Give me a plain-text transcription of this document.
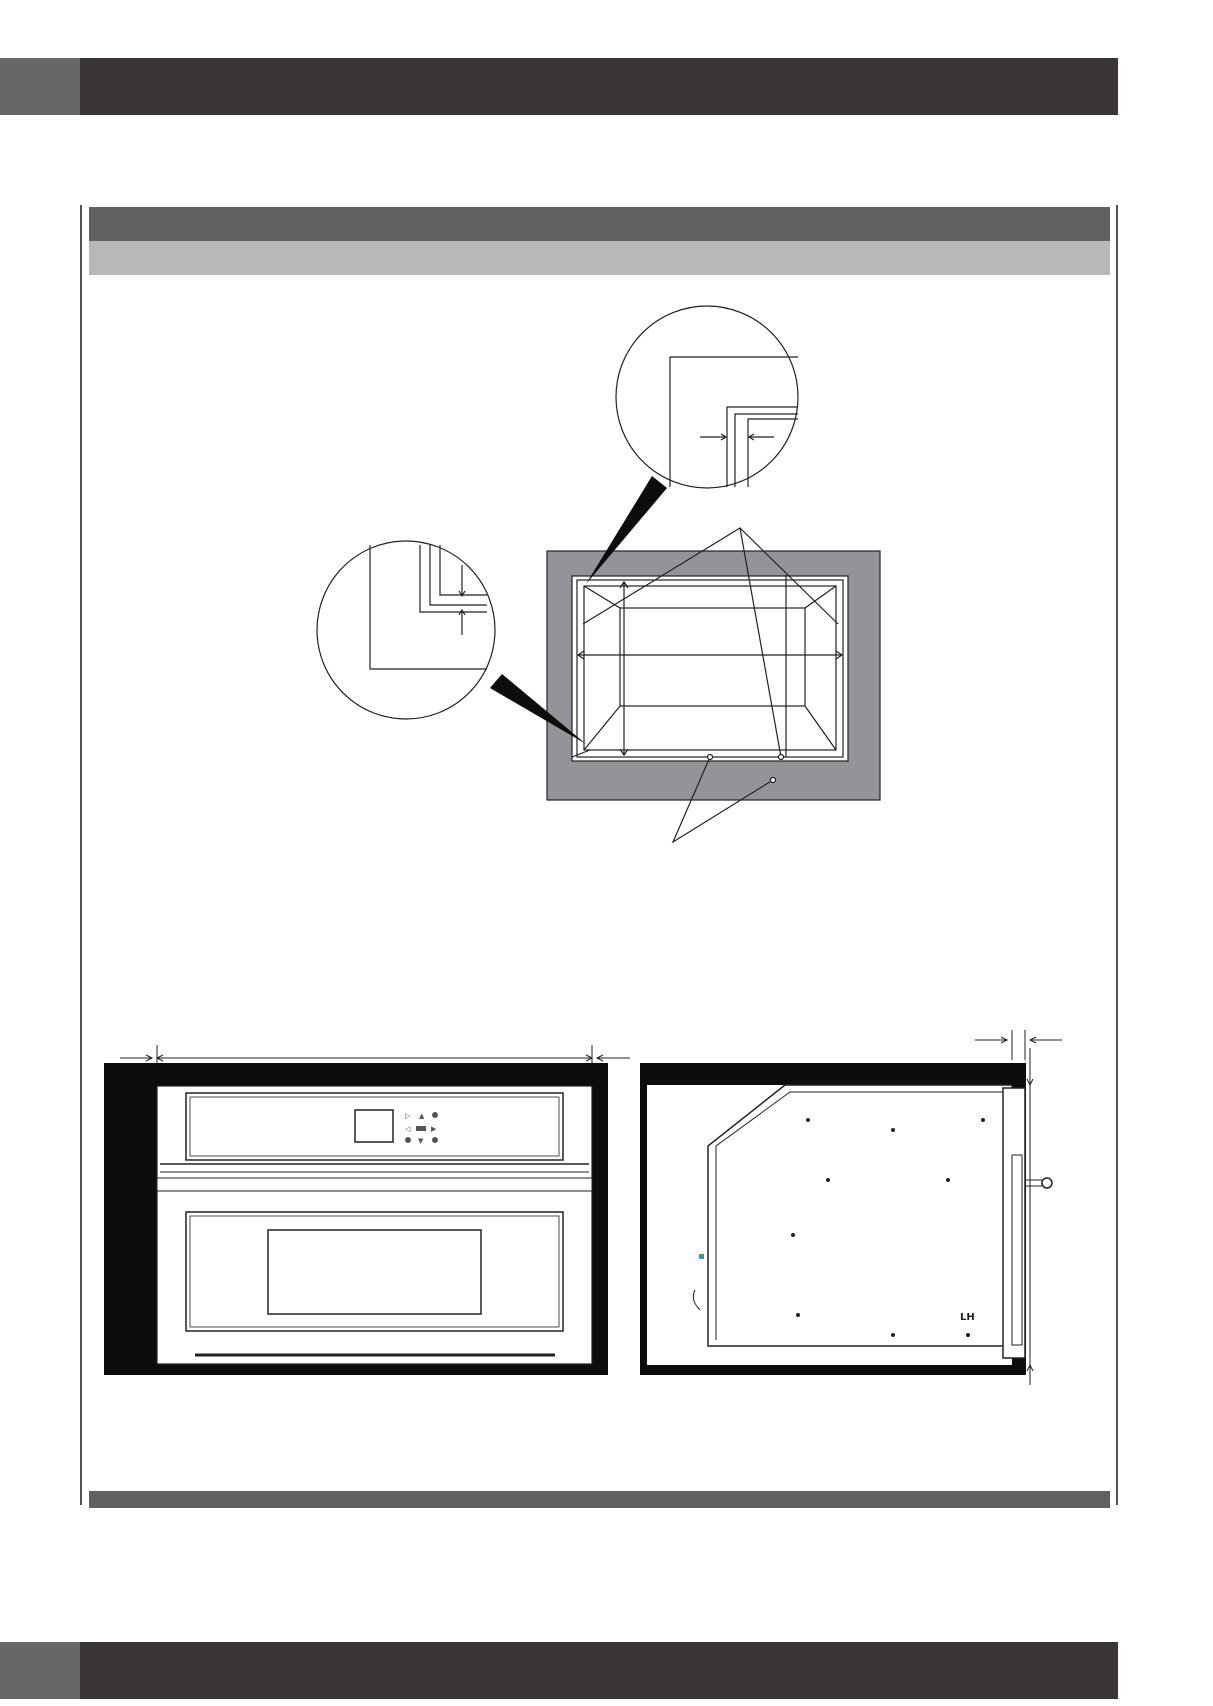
▷ ▲
◁	▶
▼
LH
